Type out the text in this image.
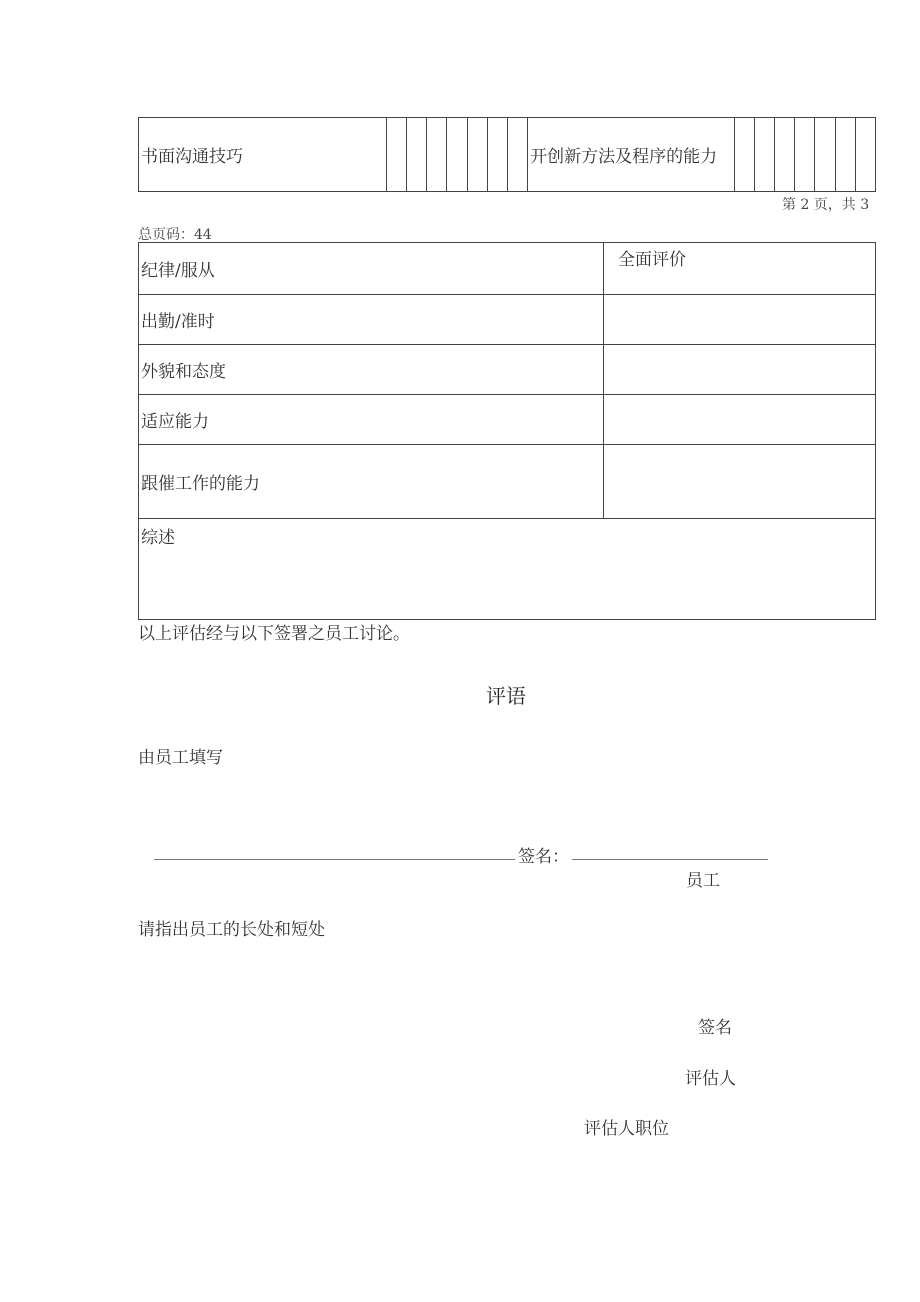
书面沟通技巧								开创新方法及程序的能力							
第 2 页，共 3
总页码：44
纪律/服从	全面评价
出勤/准时	
外貌和态度	
适应能力	
跟催工作的能力	
综述	
以上评估经与以下签署之员工讨论。
评语
由员工填写
签名：
员工
请指出员工的长处和短处
签名
评估人
评估人职位
